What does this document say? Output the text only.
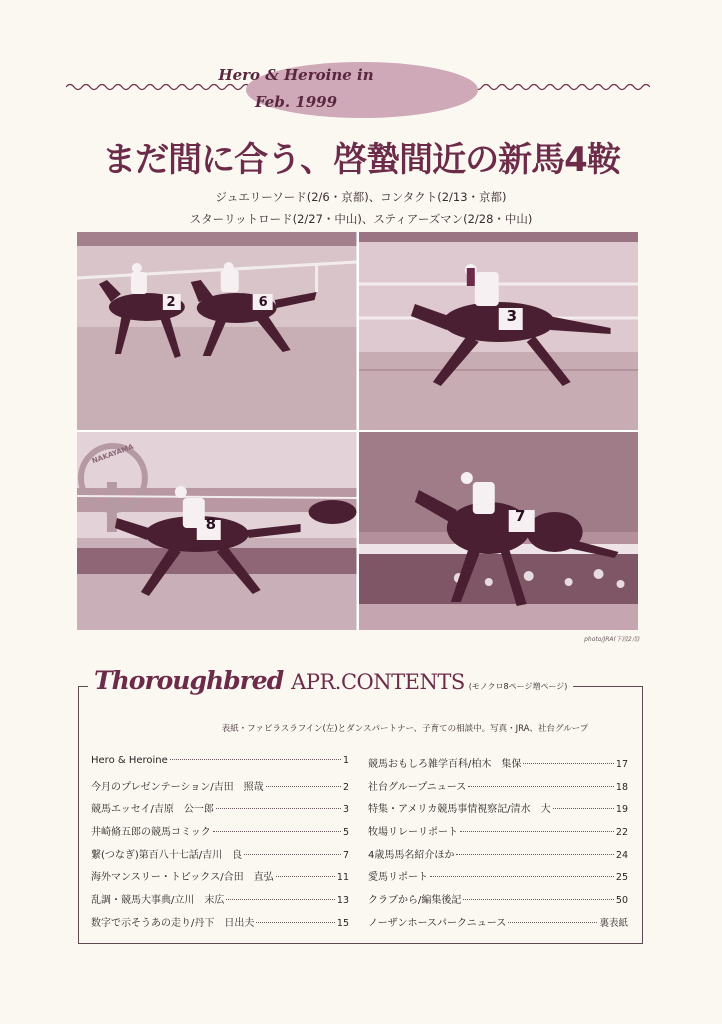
Hero & Heroine in
Feb. 1999
まだ間に合う、啓蟄間近の新馬4鞍
ジュエリーソード(2/6・京都)、コンタクト(2/13・京都)
スターリットロード(2/27・中山)、スティアーズマン(2/28・中山)
2	6
3
NAKAYAMA
8	7
photo/JRA(下段2点)
Thoroughbred APR.CONTENTS (モノクロ8ページ増ページ)
表紙・ファビラスラフイン(左)とダンスパートナー、子育ての相談中。写真・JRA、社台グループ
Hero & Heroine	1
今月のプレゼンテーション/吉田　照哉	2
競馬エッセイ/吉原　公一郎	3
井崎脩五郎の競馬コミック	5
繋(つなぎ)第百八十七話/吉川　良	7
海外マンスリー・トピックス/合田　直弘	11
乱調・競馬大事典/立川　末広	13
数字で示そうあの走り/丹下　日出夫	15
競馬おもしろ雑学百科/柏木　集保	17
社台グループニュース	18
特集・アメリカ競馬事情視察記/清水　大	19
牧場リレーリポート	22
4歳馬馬名紹介ほか	24
愛馬リポート	25
クラブから/編集後記	50
ノーザンホースパークニュース	裏表紙
